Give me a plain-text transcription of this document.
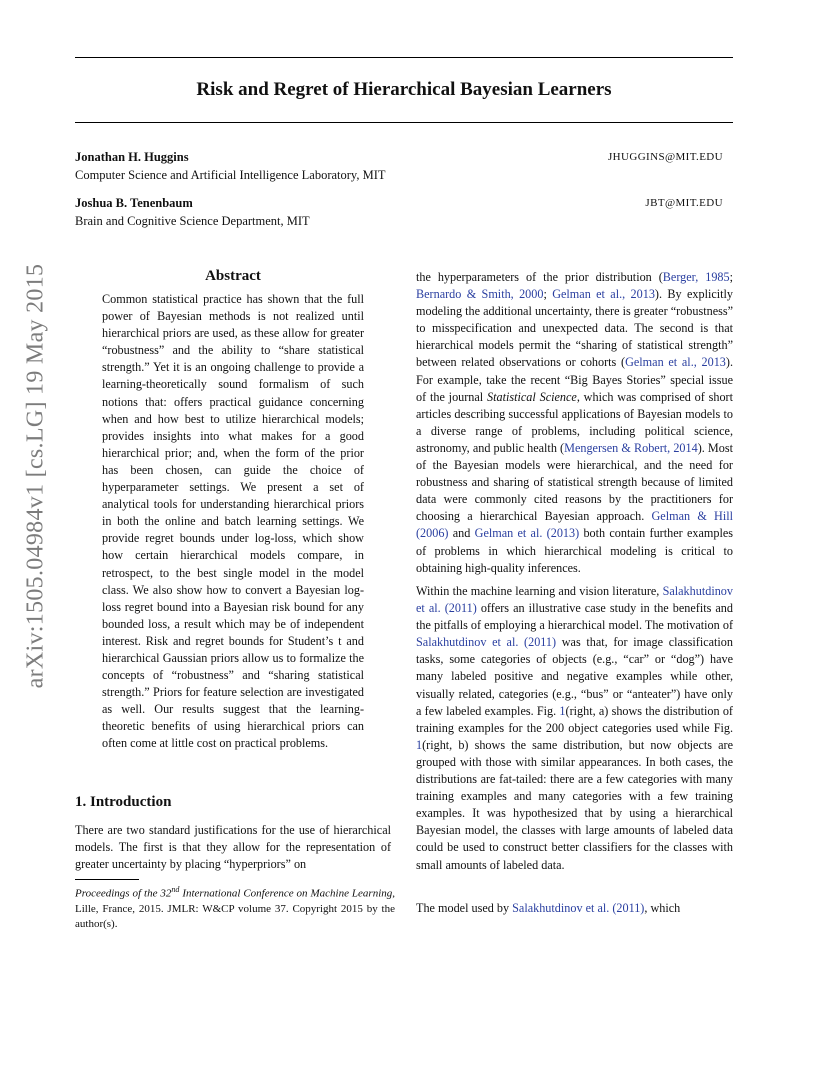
Risk and Regret of Hierarchical Bayesian Learners
Jonathan H. Huggins	JHUGGINS@MIT.EDU
Computer Science and Artificial Intelligence Laboratory, MIT
Joshua B. Tenenbaum	JBT@MIT.EDU
Brain and Cognitive Science Department, MIT
arXiv:1505.04984v1 [cs.LG] 19 May 2015	Abstract
Common statistical practice has shown that the full power of Bayesian methods is not realized until hierarchical priors are used, as these allow for greater “robustness” and the ability to “share statistical strength.” Yet it is an ongoing challenge to provide a learning-theoretically sound formalism of such notions that: offers practical guidance concerning when and how best to utilize hierarchical models; provides insights into what makes for a good hierarchical prior; and, when the form of the prior has been chosen, can guide the choice of hyperparameter settings. We present a set of analytical tools for understanding hierarchical priors in both the online and batch learning settings. We provide regret bounds under log-loss, which show how certain hierarchical models compare, in retrospect, to the best single model in the model class. We also show how to convert a Bayesian log-loss regret bound into a Bayesian risk bound for any bounded loss, a result which may be of independent interest. Risk and regret bounds for Student’s t and hierarchical Gaussian priors allow us to formalize the concepts of “robustness” and “sharing statistical strength.” Priors for feature selection are investigated as well. Our results suggest that the learning-theoretic benefits of using hierarchical priors can often come at little cost on practical problems.
1. Introduction
There are two standard justifications for the use of hierarchical models. The first is that they allow for the representation of greater uncertainty by placing “hyperpriors” on
Proceedings of the 32nd International Conference on Machine Learning, Lille, France, 2015. JMLR: W&CP volume 37. Copyright 2015 by the author(s).
the hyperparameters of the prior distribution (Berger, 1985; Bernardo & Smith, 2000; Gelman et al., 2013). By explicitly modeling the additional uncertainty, there is greater “robustness” to misspecification and unexpected data. The second is that hierarchical models permit the “sharing of statistical strength” between related observations or cohorts (Gelman et al., 2013). For example, take the recent “Big Bayes Stories” special issue of the journal Statistical Science, which was comprised of short articles describing successful applications of Bayesian models to a diverse range of problems, including political science, astronomy, and public health (Mengersen & Robert, 2014). Most of the Bayesian models were hierarchical, and the need for robustness and sharing of statistical strength because of limited data were commonly cited reasons by the practitioners for choosing a hierarchical Bayesian approach. Gelman & Hill (2006) and Gelman et al. (2013) both contain further examples of problems in which hierarchical modeling is critical to obtaining high-quality inferences.
Within the machine learning and vision literature, Salakhutdinov et al. (2011) offers an illustrative case study in the benefits and the pitfalls of employing a hierarchical model. The motivation of Salakhutdinov et al. (2011) was that, for image classification tasks, some categories of objects (e.g., “car” or “dog”) have many labeled positive and negative examples while other, visually related, categories (e.g., “bus” or “anteater”) have only a few labeled examples. Fig. 1(right, a) shows the distribution of training examples for the 200 object categories used while Fig. 1(right, b) shows the same distribution, but now objects are grouped with those with similar appearances. In both cases, the distributions are fat-tailed: there are a few categories with many training examples and many categories with a few training examples. It was hypothesized that by using a hierarchical Bayesian model, the classes with large amounts of labeled data could be used to construct better classifiers for the classes with small amounts of labeled data.
The model used by Salakhutdinov et al. (2011), which
